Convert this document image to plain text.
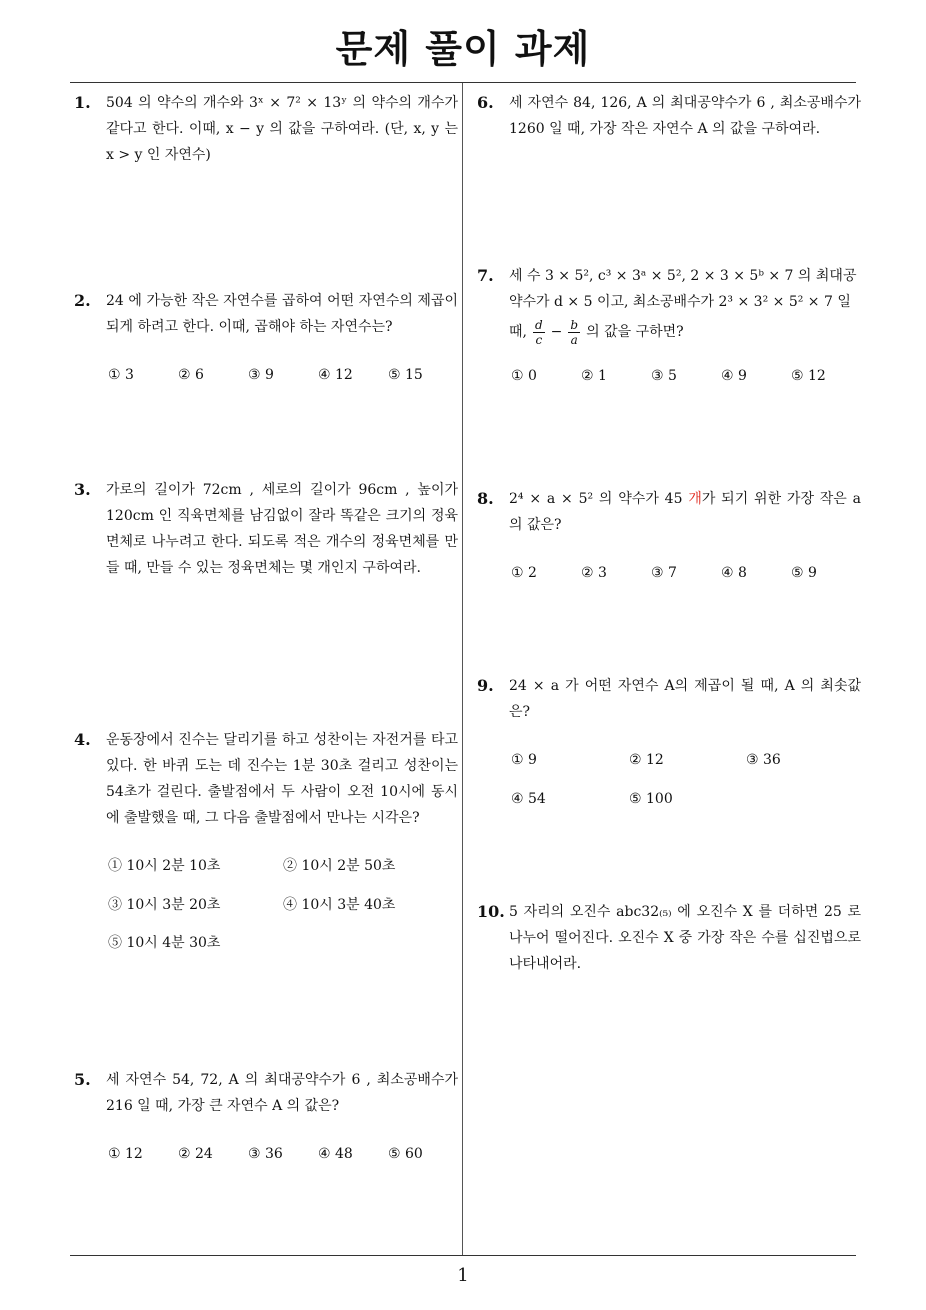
문제 풀이 과제
1. 504 의 약수의 개수와 3ˣ × 7² × 13ʸ 의 약수의 개수가 같다고 한다. 이때, x − y 의 값을 구하여라. (단, x, y 는 x > y 인 자연수)
2. 24 에 가능한 작은 자연수를 곱하여 어떤 자연수의 제곱이 되게 하려고 한다. 이때, 곱해야 하는 자연수는?
① 3	② 6	③ 9	④ 12	⑤ 15
3. 가로의 길이가 72cm , 세로의 길이가 96cm , 높이가 120cm 인 직육면체를 남김없이 잘라 똑같은 크기의 정육면체로 나누려고 한다. 되도록 적은 개수의 정육면체를 만들 때, 만들 수 있는 정육면체는 몇 개인지 구하여라.
4. 운동장에서 진수는 달리기를 하고 성찬이는 자전거를 타고 있다. 한 바퀴 도는 데 진수는 1분 30초 걸리고 성찬이는 54초가 걸린다. 출발점에서 두 사람이 오전 10시에 동시에 출발했을 때, 그 다음 출발점에서 만나는 시각은?
① 10시 2분 10초	② 10시 2분 50초
③ 10시 3분 20초	④ 10시 3분 40초
⑤ 10시 4분 30초
5. 세 자연수 54, 72, A 의 최대공약수가 6 , 최소공배수가 216 일 때, 가장 큰 자연수 A 의 값은?
① 12	② 24	③ 36	④ 48	⑤ 60
6. 세 자연수 84, 126, A 의 최대공약수가 6 , 최소공배수가 1260 일 때, 가장 작은 자연수 A 의 값을 구하여라.
7. 세 수 3 × 5², c³ × 3ᵃ × 5², 2 × 3 × 5ᵇ × 7 의 최대공
약수가 d × 5 이고, 최소공배수가 2³ × 3² × 5² × 7 일
때, $\frac{d}{c} - \frac{b}{a}$ 의 값을 구하면?
① 0	② 1	③ 5	④ 9	⑤ 12
8. 2⁴ × a × 5² 의 약수가 45 개가 되기 위한 가장 작은 a 의 값은?
① 2	② 3	③ 7	④ 8	⑤ 9
9. 24 × a 가 어떤 자연수 A의 제곱이 될 때, A 의 최솟값은?
① 9	② 12	③ 36
④ 54	⑤ 100
10. 5 자리의 오진수 abc32₍₅₎ 에 오진수 X 를 더하면 25 로 나누어 떨어진다. 오진수 X 중 가장 작은 수를 십진법으로 나타내어라.
1
